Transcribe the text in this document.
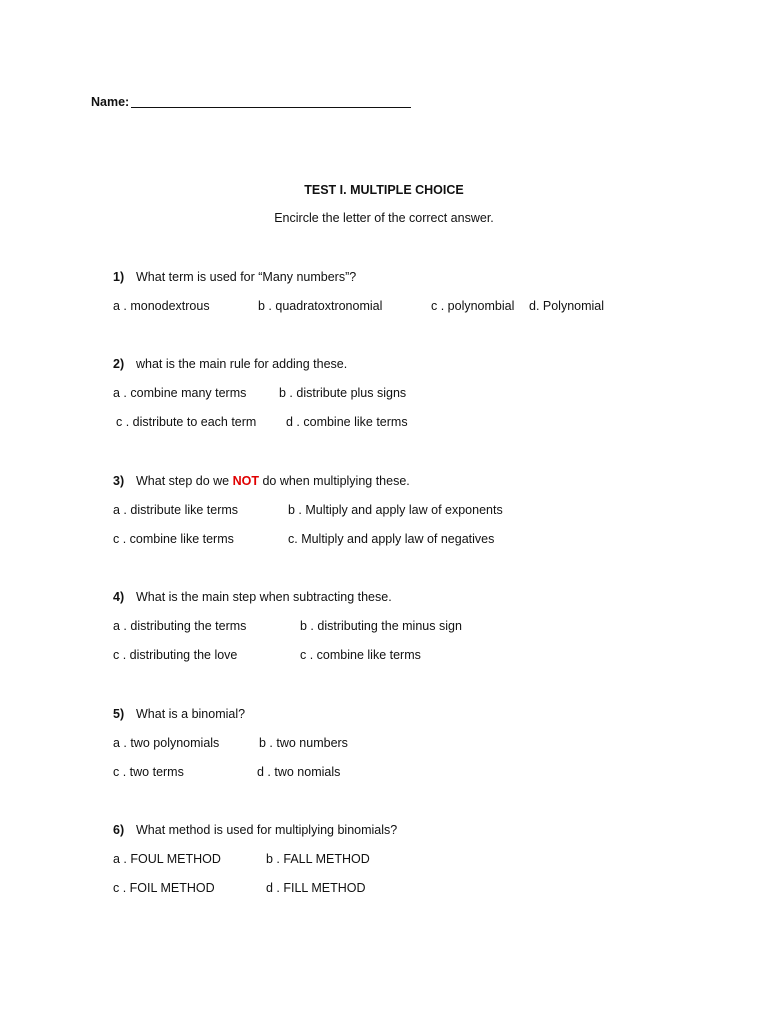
Name:
TEST I. MULTIPLE CHOICE
Encircle the letter of the correct answer.
1) What term is used for “Many numbers”?
a . monodextrous	b . quadratoxtronomial	c . polynombial d. Polynomial
2) what is the main rule for adding these.
a . combine many terms	b . distribute plus signs
c . distribute to each term d . combine like terms
3) What step do we NOT do when multiplying these.
a . distribute like terms	b . Multiply and apply law of exponents
c . combine like terms	c. Multiply and apply law of negatives
4) What is the main step when subtracting these.
a . distributing the terms	b . distributing the minus sign
c . distributing the love	c . combine like terms
5) What is a binomial?
a . two polynomials	b . two numbers
c . two terms	d . two nomials
6) What method is used for multiplying binomials?
a . FOUL METHOD	b . FALL METHOD
c . FOIL METHOD	d . FILL METHOD
